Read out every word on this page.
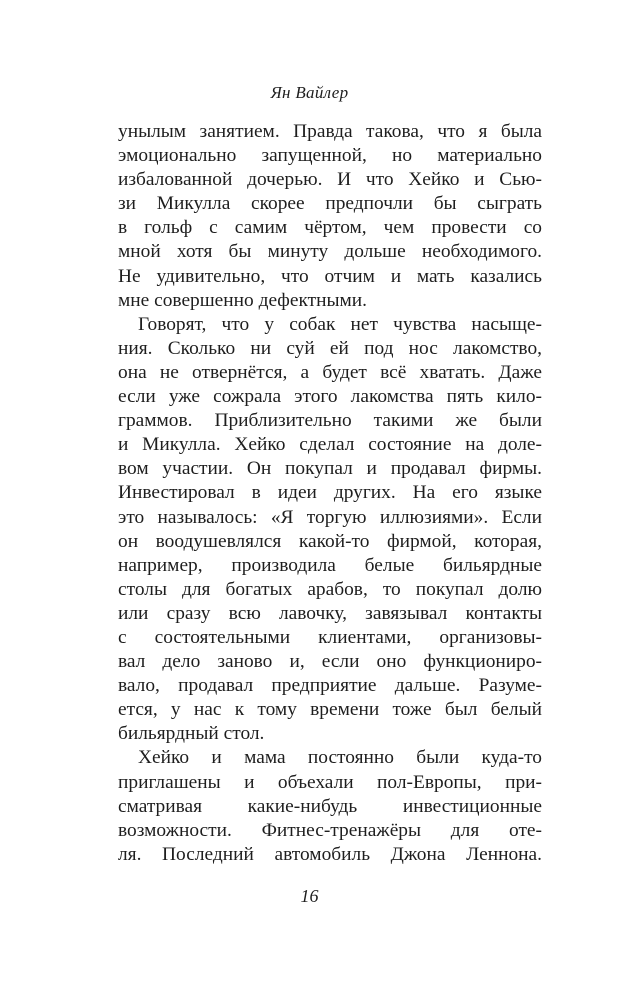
Ян Вайлер
унылым занятием. Правда такова, что я была
эмоционально запущенной, но материально
избалованной дочерью. И что Хейко и Сью-
зи Микулла скорее предпочли бы сыграть
в гольф с самим чёртом, чем провести со
мной хотя бы минуту дольше необходимого.
Не удивительно, что отчим и мать казались
мне совершенно дефектными.
Говорят, что у собак нет чувства насыще-
ния. Сколько ни суй ей под нос лакомство,
она не отвернётся, а будет всё хватать. Даже
если уже сожрала этого лакомства пять кило-
граммов. Приблизительно такими же были
и Микулла. Хейко сделал состояние на доле-
вом участии. Он покупал и продавал фирмы.
Инвестировал в идеи других. На его языке
это называлось: «Я торгую иллюзиями». Если
он воодушевлялся какой-то фирмой, которая,
например, производила белые бильярдные
столы для богатых арабов, то покупал долю
или сразу всю лавочку, завязывал контакты
с состоятельными клиентами, организовы-
вал дело заново и, если оно функциониро-
вало, продавал предприятие дальше. Разуме-
ется, у нас к тому времени тоже был белый
бильярдный стол.
Хейко и мама постоянно были куда-то
приглашены и объехали пол-Европы, при-
сматривая какие-нибудь инвестиционные
возможности. Фитнес-тренажёры для оте-
ля. Последний автомобиль Джона Леннона.
16
